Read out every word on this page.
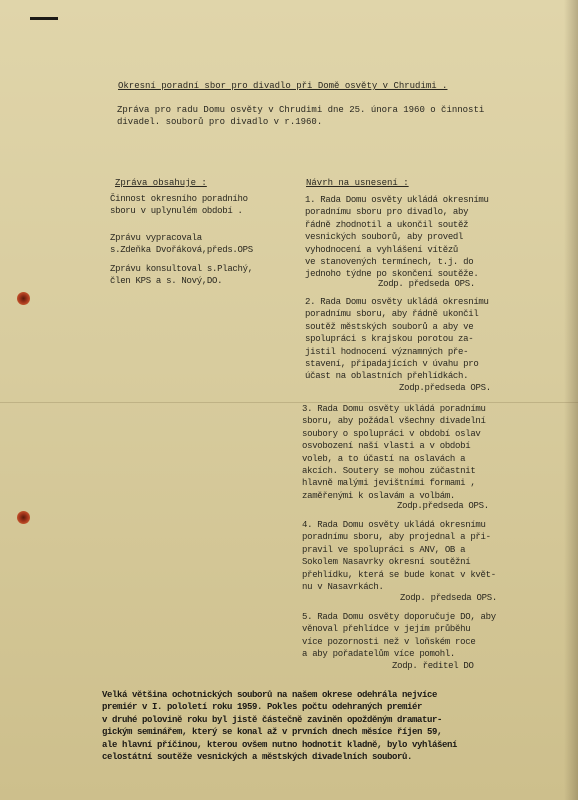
Okresní poradní sbor pro divadlo při Domě osvěty v Chrudimi .
Zpráva pro radu Domu osvěty v Chrudimi dne 25. února 1960 o činnosti
divadel. souborů pro divadlo v r.1960.
Zpráva obsahuje :
Činnost okresního poradního
sboru v uplynulém období .
Zprávu vypracovala
s.Zdeňka Dvořáková,předs.OPS
Zprávu konsultoval s.Plachý,
člen KPS a s. Nový,DO.
Návrh na usnesení :
1. Rada Domu osvěty ukládá okresnímu
poradnímu sboru pro divadlo, aby
řádně zhodnotil a ukončil soutěž
vesnických souborů, aby provedl
vyhodnocení a vyhlášení vítězů
ve stanovených termínech, t.j. do
jednoho týdne po skončení soutěže.
Zodp. předseda OPS.
2. Rada Domu osvěty ukládá okresnímu
poradnímu sboru, aby řádně ukončil
soutěž městských souborů a aby ve
spolupráci s krajskou porotou za-
jistil hodnocení významných pře-
stavení, připadajících v úvahu pro
účast na oblastních přehlídkách.
Zodp.předseda OPS.
3. Rada Domu osvěty ukládá poradnímu
sboru, aby požádal všechny divadelní
soubory o spolupráci v období oslav
osvobození naší vlasti a v období
voleb, a to účastí na oslavách a
akcích. Soutery se mohou zúčastnit
hlavně malými jevištními formami ,
zaměřenými k oslavám a volbám.
Zodp.předseda OPS.
4. Rada Domu osvěty ukládá okresnímu
poradnímu sboru, aby projednal a při-
pravil ve spolupráci s ANV, OB a
Sokolem Nasavrky okresní soutěžní
přehlídku, která se bude konat v květ-
nu v Nasavrkách.
Zodp. předseda OPS.
5. Rada Domu osvěty doporučuje DO, aby
věnoval přehlídce v jejím průběhu
více pozornosti než v loňském roce
a aby pořadatelům více pomohl.
Zodp. ředitel DO
Velká většina ochotnických souborů na našem okrese odehrála nejvíce
premiér v I. pololetí roku 1959. Pokles počtu odehraných premiér
v druhé polovině roku byl jistě částečně zaviněn opožděným dramatur-
gickým seminářem, který se konal až v prvních dnech měsíce říjen 59,
ale hlavní příčinou, kterou ovšem nutno hodnotit kladně, bylo vyhlášení
celostátní soutěže vesnických a městských divadelních souborů.
